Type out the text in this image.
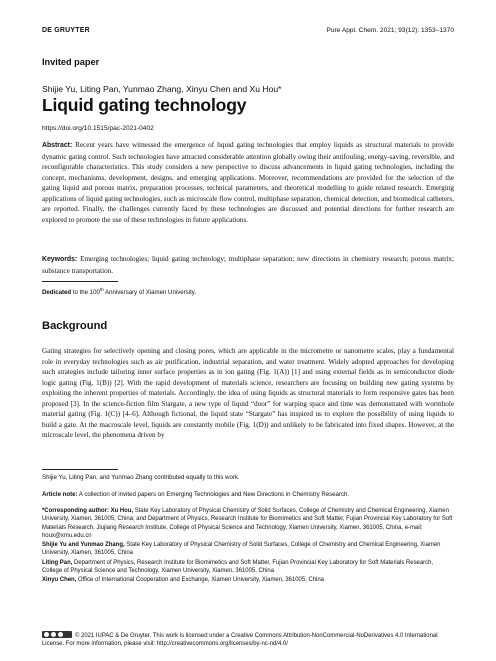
DE GRUYTER	Pure Appl. Chem. 2021; 93(12): 1353–1370
Invited paper
Shijie Yu, Liting Pan, Yunmao Zhang, Xinyu Chen and Xu Hou*
Liquid gating technology
https://doi.org/10.1515/pac-2021-0402
Abstract: Recent years have witnessed the emergence of liquid gating technologies that employ liquids as structural materials to provide dynamic gating control. Such technologies have attracted considerable attention globally owing their antifouling, energy-saving, reversible, and reconfigurable characteristics. This study considers a new perspective to discuss advancements in liquid gating technologies, including the concept, mechanisms, development, designs, and emerging applications. Moreover, recommendations are provided for the selection of the gating liquid and porous matrix, preparation processes, technical parameters, and theoretical modelling to guide related research. Emerging applications of liquid gating technologies, such as microscale flow control, multiphase separation, chemical detection, and biomedical catheters, are reported. Finally, the challenges currently faced by these technologies are discussed and potential directions for further research are explored to promote the use of these technologies in future applications.
Keywords: Emerging technologies; liquid gating technology; multiphase separation; new directions in chemistry research; porous matrix; substance transportation.
Dedicated to the 100th Anniversary of Xiamen University.
Background
Gating strategies for selectively opening and closing pores, which are applicable in the micrometre or nanometre scales, play a fundamental role in everyday technologies such as air purification, industrial separation, and water treatment. Widely adopted approaches for developing such strategies include tailoring inner surface properties as in ion gating (Fig. 1(A)) [1] and using external fields as in semiconductor diode logic gating (Fig. 1(B)) [2]. With the rapid development of materials science, researchers are focusing on building new gating systems by exploiting the inherent properties of materials. Accordingly, the idea of using liquids as structural materials to form responsive gates has been proposed [3]. In the science-fiction film Stargate, a new type of liquid “door” for warping space and time was demonstrated with wormhole material gating (Fig. 1(C)) [4–6]. Although fictional, the liquid state “Stargate” has inspired us to explore the possibility of using liquids to build a gate. At the macroscale level, liquids are constantly mobile (Fig. 1(D)) and unlikely to be fabricated into fixed shapes. However, at the microscale level, the phenomena driven by
Shijie Yu, Liting Pan, and Yunmao Zhang contributed equally to this work.
Article note: A collection of invited papers on Emerging Technologies and New Directions in Chemistry Research.

*Corresponding author: Xu Hou, State Key Laboratory of Physical Chemistry of Solid Surfaces, College of Chemistry and Chemical Engineering, Xiamen University, Xiamen, 361005, China; and Department of Physics, Research Institute for Biomimetics and Soft Matter, Fujian Provincial Key Laboratory for Soft Materials Research, Jiujiang Research Institute, College of Physical Science and Technology, Xiamen University, Xiamen, 361005, China, e-mail: houx@xmu.edu.cn

Shijie Yu and Yunmao Zhang, State Key Laboratory of Physical Chemistry of Solid Surfaces, College of Chemistry and Chemical Engineering, Xiamen University, Xiamen, 361005, China

Liting Pan, Department of Physics, Research Institute for Biomimetics and Soft Matter, Fujian Provincial Key Laboratory for Soft Materials Research, College of Physical Science and Technology, Xiamen University, Xiamen, 361005, China

Xinyu Chen, Office of International Cooperation and Exchange, Xiamen University, Xiamen, 361005, China

© 2021 IUPAC & De Gruyter. This work is licensed under a Creative Commons Attribution-NonCommercial-NoDerivatives 4.0 International License. For more information, please visit: http://creativecommons.org/licenses/by-nc-nd/4.0/
